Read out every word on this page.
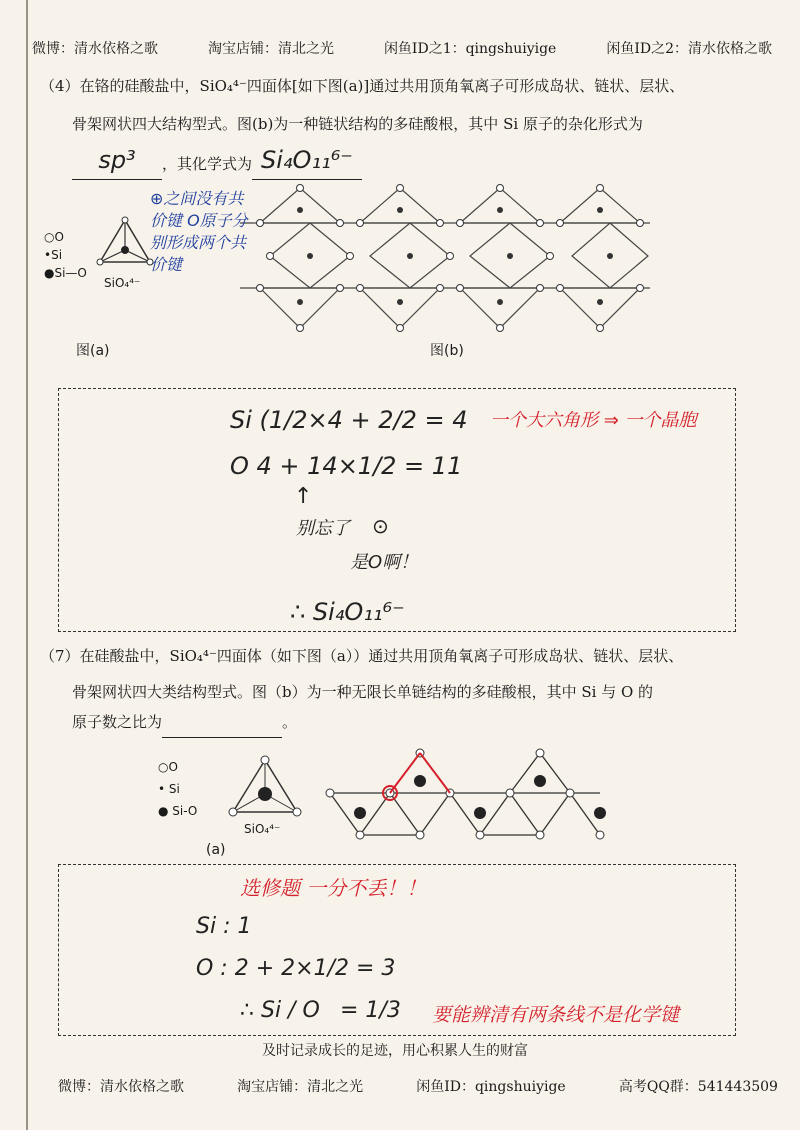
微博：清水依格之歌	淘宝店铺：清北之光	闲鱼ID之1：qingshuiyige	闲鱼ID之2：清水依格之歌
（4）在铬的硅酸盐中，SiO₄⁴⁻四面体[如下图(a)]通过共用顶角氧离子可形成岛状、链状、层状、
骨架网状四大结构型式。图(b)为一种链状结构的多硅酸根，其中 Si 原子的杂化形式为
sp³	，其化学式为 Si₄O₁₁⁶⁻
○O
•Si
●Si—O
SiO₄⁴⁻
⊕之间没有共价键 O原子分别形成两个共价键
图(a)	图(b)
Si (1/2×4 + 2/2 = 4 一个大六角形 ⇒ 一个晶胞
O 4 + 14×1/2 = 11
↑
别忘了 ⊙
是O啊！
∴ Si₄O₁₁⁶⁻
（7）在硅酸盐中，SiO₄⁴⁻四面体（如下图（a））通过共用顶角氧离子可形成岛状、链状、层状、
骨架网状四大类结构型式。图（b）为一种无限长单链结构的多硅酸根，其中 Si 与 O 的
原子数之比为	。
○O
• Si
● Si-O
SiO₄⁴⁻
(a)
选修题 一分不丢！！
Si : 1
O : 2 + 2×1/2 = 3
∴ Si / O = 1/3 要能辨清有两条线不是化学键
及时记录成长的足迹，用心积累人生的财富
微博：清水依格之歌	淘宝店铺：清北之光	闲鱼ID：qingshuiyige	高考QQ群：541443509
